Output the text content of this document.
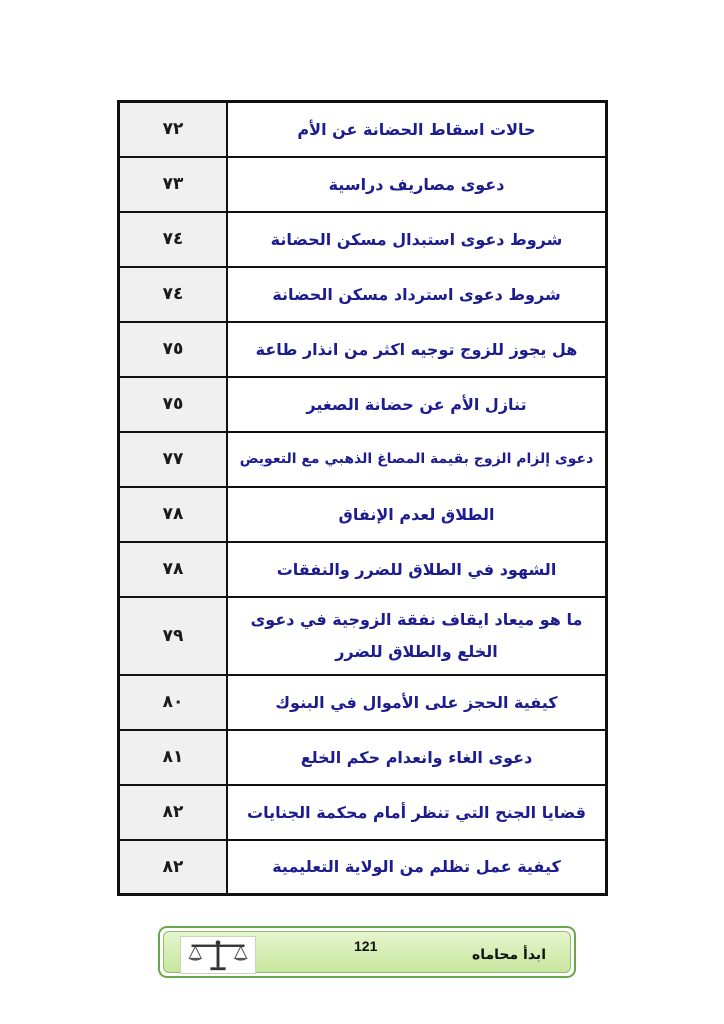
٧٢	حالات اسقاط الحضانة عن الأم
٧٣	دعوى مصاريف دراسية
٧٤	شروط دعوى استبدال مسكن الحضانة
٧٤	شروط دعوى استرداد مسكن الحضانة
٧٥	هل يجوز للزوج توجيه اكثر من انذار طاعة
٧٥	تنازل الأم عن حضانة الصغير
٧٧	دعوى إلزام الزوج بقيمة المصاغ الذهبي مع التعويض
٧٨	الطلاق لعدم الإنفاق
٧٨	الشهود في الطلاق للضرر والنفقات
٧٩	ما هو ميعاد ايقاف نفقة الزوجية في دعوى الخلع والطلاق للضرر
٨٠	كيفية الحجز على الأموال في البنوك
٨١	دعوى الغاء وانعدام حكم الخلع
٨٢	قضايا الجنح التي تنظر أمام محكمة الجنايات
٨٢	كيفية عمل تظلم من الولاية التعليمية
121
ابدأ محاماه
